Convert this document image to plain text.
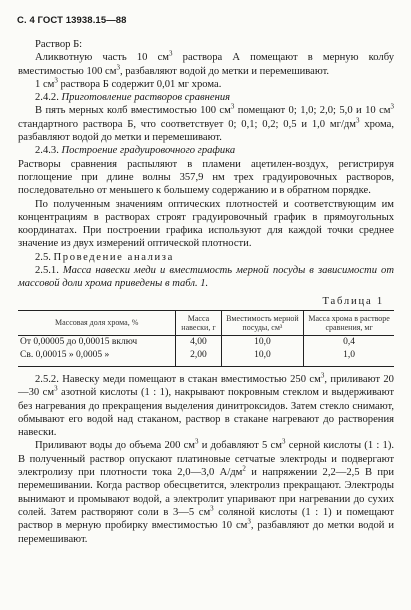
С. 4 ГОСТ 13938.15—88

Раствор Б:

Аликвотную часть 10 $см^3$ раствора А помещают в мерную колбу вместимостью 100 $см^3$, разбавляют водой до метки и перемешивают.

1 $см^3$ раствора Б содержит 0,01 мг хрома.

2.4.2. Приготовление растворов сравнения

В пять мерных колб вместимостью 100 $см^3$ помещают 0; 1,0; 2,0; 5,0 и 10 $см^3$ стандартного раствора Б, что соответствует 0; 0,1; 0,2; 0,5 и 1,0 $мг/дм^3$ хрома, разбавляют водой до метки и перемешивают.

2.4.3. Построение градуировочного графика

Растворы сравнения распыляют в пламени ацетилен-воздух, регистрируя поглощение при длине волны 357,9 нм трех градуировочных растворов, последовательно от меньшего к большему содержанию и в обратном порядке.

По полученным значениям оптических плотностей и соответствующим им концентрациям в растворах строят градуировочный график в прямоугольных координатах. При построении графика используют для каждой точки среднее значение из двух измерений оптической плотности.

2.5. Проведение анализа

2.5.1. Масса навески меди и вместимость мерной посуды в зависимости от массовой доли хрома приведены в табл. 1.

Таблица 1
Массовая доля хрома, %	Масса навески, г	Вместимость мерной посуды, см³	Масса хрома в растворе сравнения, мг
От 0,00005 до 0,00015 включ	4,00	10,0	0,4
Св. 0,00015 » 0,0005 »	2,00	10,0	1,0

2.5.2. Навеску меди помещают в стакан вместимостью 250 $см^3$, приливают 20—30 $см^3$ азотной кислоты (1 : 1), накрывают покровным стеклом и выдерживают без нагревания до прекращения выделения динитроксидов. Затем стекло снимают, обмывают его водой над стаканом, раствор в стакане нагревают до растворения навески.

Приливают воды до объема 200 $см^3$ и добавляют 5 $см^3$ серной кислоты (1 : 1). В полученный раствор опускают платиновые сетчатые электроды и подвергают электролизу при плотности тока 2,0—3,0 $А/дм^2$ и напряжении 2,2—2,5 В при перемешивании. Когда раствор обесцветится, электролиз прекращают. Электроды вынимают и промывают водой, а электролит упаривают при нагревании до сухих солей. Затем растворяют соли в 3—5 $см^3$ соляной кислоты (1 : 1) и помещают раствор в мерную пробирку вместимостью 10 $см^3$, разбавляют до метки водой и перемешивают.
